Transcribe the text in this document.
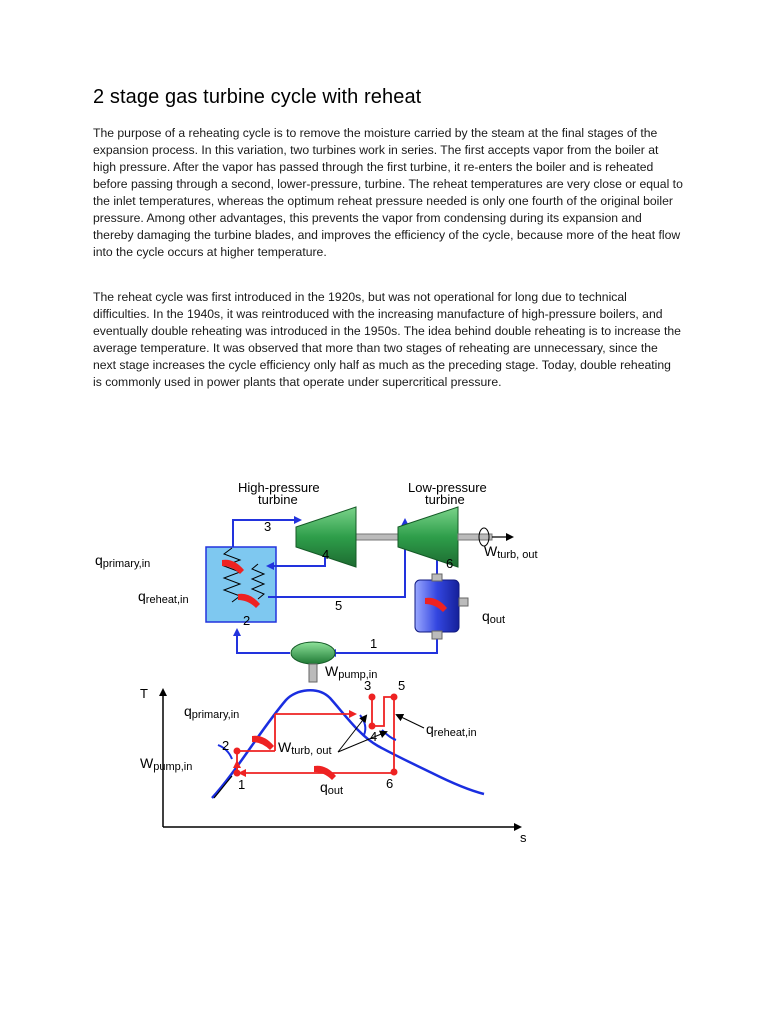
2 stage gas turbine cycle with reheat

The purpose of a reheating cycle is to remove the moisture carried by the steam at the final stages of the expansion process. In this variation, two turbines work in series. The first accepts vapor from the boiler at high pressure. After the vapor has passed through the first turbine, it re-enters the boiler and is reheated before passing through a second, lower-pressure, turbine. The reheat temperatures are very close or equal to the inlet temperatures, whereas the optimum reheat pressure needed is only one fourth of the original boiler pressure. Among other advantages, this prevents the vapor from condensing during its expansion and thereby damaging the turbine blades, and improves the efficiency of the cycle, because more of the heat flow into the cycle occurs at higher temperature.

The reheat cycle was first introduced in the 1920s, but was not operational for long due to technical difficulties. In the 1940s, it was reintroduced with the increasing manufacture of high-pressure boilers, and eventually double reheating was introduced in the 1950s. The idea behind double reheating is to increase the average temperature. It was observed that more than two stages of reheating are unnecessary, since the next stage increases the cycle efficiency only half as much as the preceding stage. Today, double reheating is commonly used in power plants that operate under supercritical pressure.

High-pressure
turbine
Low-pressure
turbine
3
4
5
6
1
2
qprimary,in
qreheat,in
Wturb, out
qout
Wpump,in
T
s
qprimary,in
qreheat,in
Wturb, out
Wpump,in
qout
1
2
3
4
5
6
